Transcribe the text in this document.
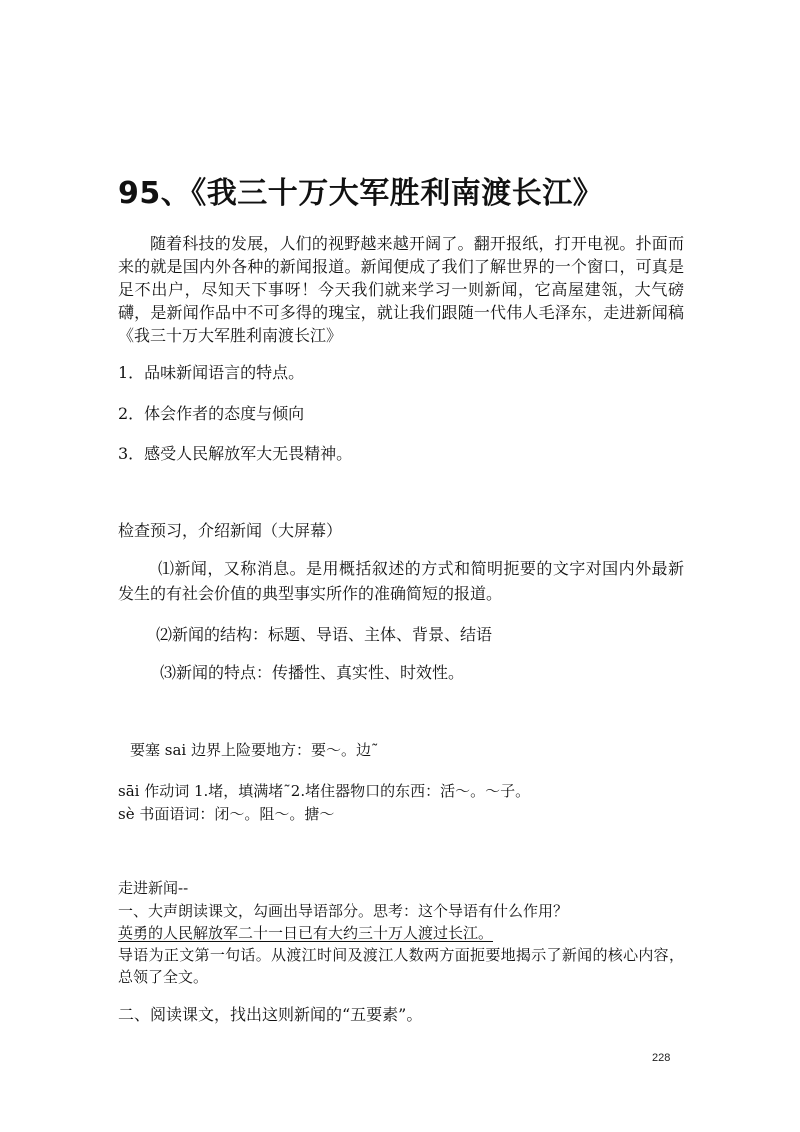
95、《我三十万大军胜利南渡长江》
随着科技的发展，人们的视野越来越开阔了。翻开报纸，打开电视。扑面而来的就是国内外各种的新闻报道。新闻便成了我们了解世界的一个窗口，可真是足不出户，尽知天下事呀！今天我们就来学习一则新闻，它高屋建瓴，大气磅礴，是新闻作品中不可多得的瑰宝，就让我们跟随一代伟人毛泽东，走进新闻稿《我三十万大军胜利南渡长江》
1．品味新闻语言的特点。
2．体会作者的态度与倾向
3．感受人民解放军大无畏精神。
检查预习，介绍新闻（大屏幕）
⑴新闻，又称消息。是用概括叙述的方式和简明扼要的文字对国内外最新发生的有社会价值的典型事实所作的准确简短的报道。
⑵新闻的结构：标题、导语、主体、背景、结语
⑶新闻的特点：传播性、真实性、时效性。
要塞 sai 边界上险要地方：要～。边˜
sāi 作动词 1.堵，填满堵˜2.堵住器物口的东西：活～。～子。
sè 书面语词：闭～。阻～。搪～
走进新闻--
一、大声朗读课文，勾画出导语部分。思考：这个导语有什么作用？
英勇的人民解放军二十一日已有大约三十万人渡过长江。
导语为正文第一句话。从渡江时间及渡江人数两方面扼要地揭示了新闻的核心内容，总领了全文。
二、阅读课文，找出这则新闻的“五要素”。
228
